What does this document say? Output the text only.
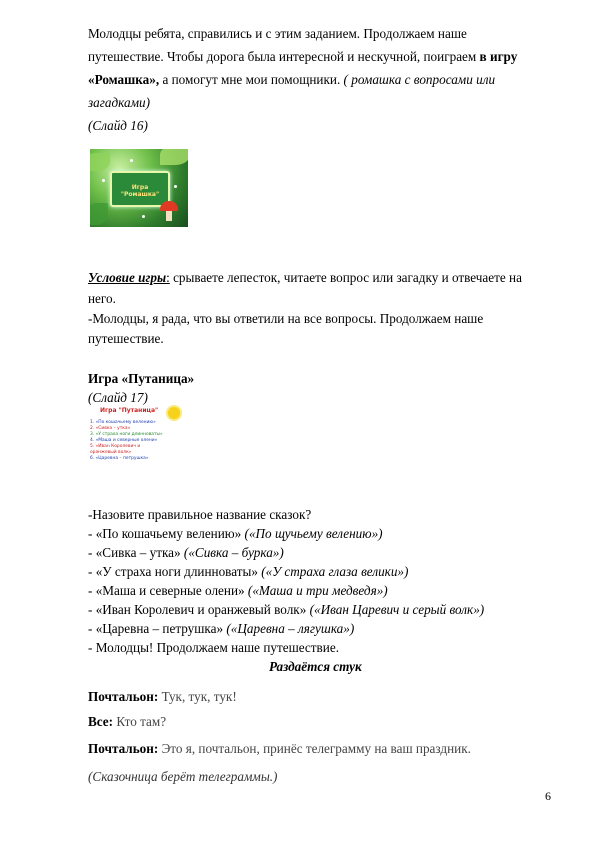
Молодцы ребята, справились и с этим заданием. Продолжаем наше
путешествие. Чтобы дорога была интересной и нескучной, поиграем в игру
«Ромашка», а помогут мне мои помощники. ( ромашка с вопросами или
загадками)
(Слайд 16)
Игра "Ромашка"
Условие игры: срываете лепесток, читаете вопрос или загадку и отвечаете на
него.
-Молодцы, я рада, что вы ответили на все вопросы. Продолжаем наше
путешествие.
Игра «Путаница»
(Слайд 17)
Игра "Путаница"
1. «По кошачьему велению»
2. «Сивка – утка»
3. «У страха ноги длинноваты»
4. «Маша и северные олени»
5. «Иван Королевич и
оранжевый волк»
6. «Царевна – петрушка»
-Назовите правильное название сказок?
- «По кошачьему велению» («По щучьему велению»)
- «Сивка – утка» («Сивка – бурка»)
- «У страха ноги длинноваты» («У страха глаза велики»)
- «Маша и северные олени» («Маша и три медведя»)
- «Иван Королевич и оранжевый волк» («Иван Царевич и серый волк»)
- «Царевна – петрушка» («Царевна – лягушка»)
- Молодцы! Продолжаем наше путешествие.
Раздаётся стук
Почтальон: Тук, тук, тук!
Все: Кто там?
Почтальон: Это я, почтальон, принёс телеграмму на ваш праздник.
(Сказочница берёт телеграммы.)
6
